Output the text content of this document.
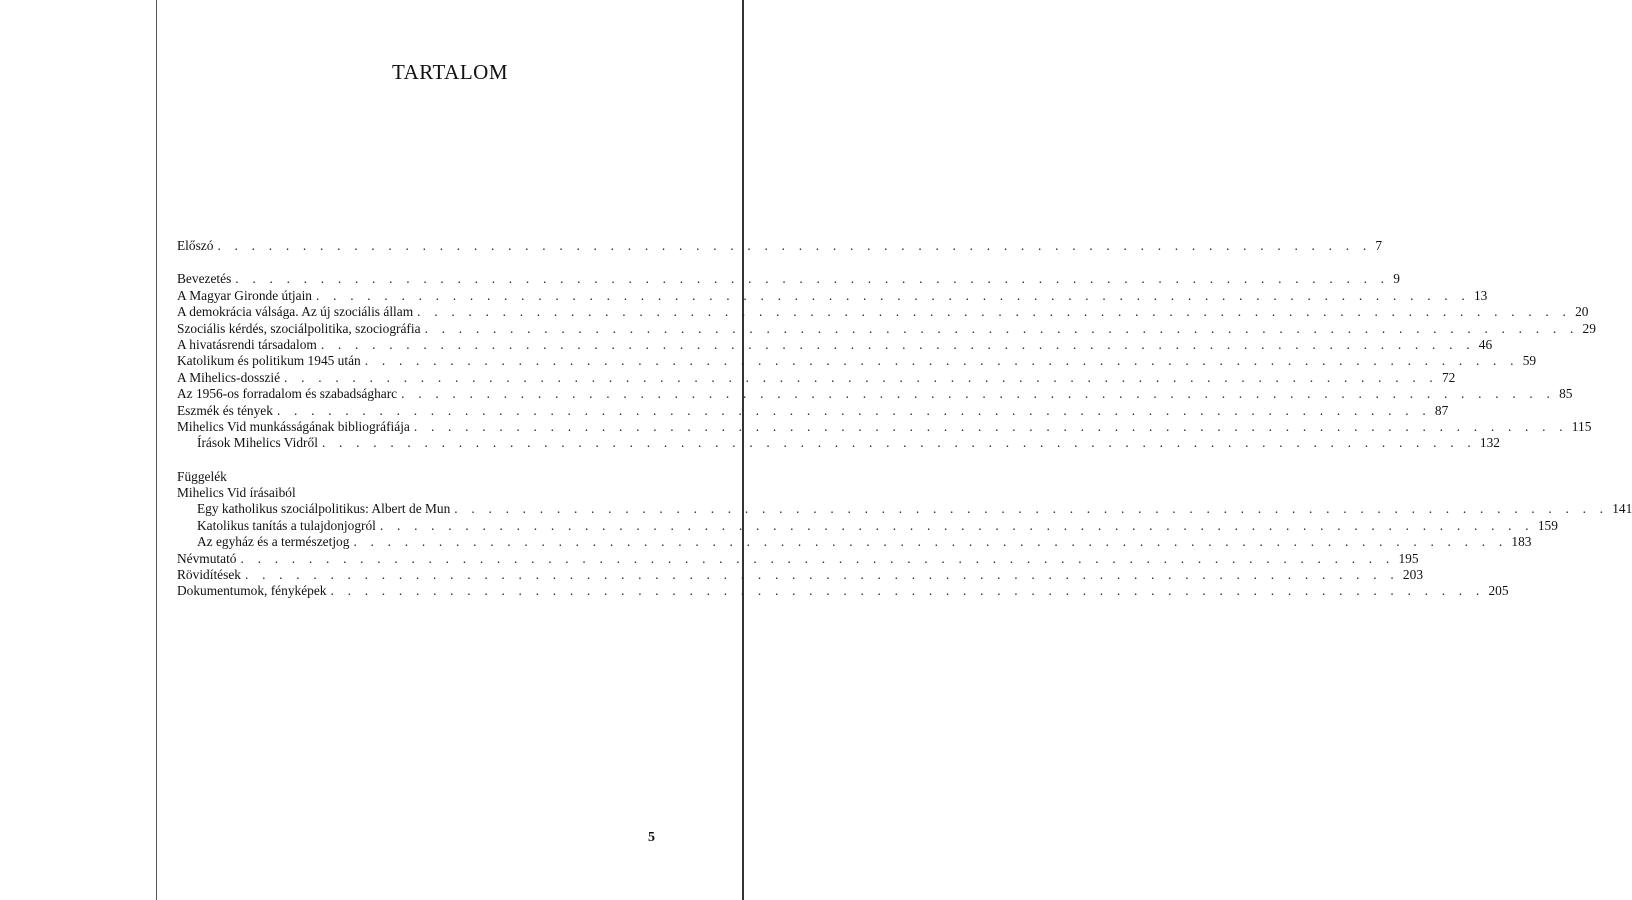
TARTALOM
Előszó . . . . . . . . . . . . . . . . . . . . . . . . . . . . . . . . . . . . . . . . . . . . . . . . . . . . . . . . . . . . . . . . . . . . 7
Bevezetés . . . . . . . . . . . . . . . . . . . . . . . . . . . . . . . . . . . . . . . . . . . . . . . . . . . . . . . . . . . . . . . . . . . . 9
A Magyar Gironde útjain . . . . . . . . . . . . . . . . . . . . . . . . . . . . . . . . . . . . . . . . . . . . . . . . . . . . . . . . . . . . . . . . . . . . 13
A demokrácia válsága. Az új szociális állam . . . . . . . . . . . . . . . . . . . . . . . . . . . . . . . . . . . . . . . . . . . . . . . . . . . . . . . . . . . . . . . . . . . . 20
Szociális kérdés, szociálpolitika, szociográfia . . . . . . . . . . . . . . . . . . . . . . . . . . . . . . . . . . . . . . . . . . . . . . . . . . . . . . . . . . . . . . . . . . . . 29
A hivatásrendi társadalom . . . . . . . . . . . . . . . . . . . . . . . . . . . . . . . . . . . . . . . . . . . . . . . . . . . . . . . . . . . . . . . . . . . . 46
Katolikum és politikum 1945 után . . . . . . . . . . . . . . . . . . . . . . . . . . . . . . . . . . . . . . . . . . . . . . . . . . . . . . . . . . . . . . . . . . . . 59
A Mihelics-dosszié . . . . . . . . . . . . . . . . . . . . . . . . . . . . . . . . . . . . . . . . . . . . . . . . . . . . . . . . . . . . . . . . . . . . 72
Az 1956-os forradalom és szabadságharc . . . . . . . . . . . . . . . . . . . . . . . . . . . . . . . . . . . . . . . . . . . . . . . . . . . . . . . . . . . . . . . . . . . . 85
Eszmék és tények . . . . . . . . . . . . . . . . . . . . . . . . . . . . . . . . . . . . . . . . . . . . . . . . . . . . . . . . . . . . . . . . . . . . 87
Mihelics Vid munkásságának bibliográfiája . . . . . . . . . . . . . . . . . . . . . . . . . . . . . . . . . . . . . . . . . . . . . . . . . . . . . . . . . . . . . . . . . . . . 115
Írások Mihelics Vidről . . . . . . . . . . . . . . . . . . . . . . . . . . . . . . . . . . . . . . . . . . . . . . . . . . . . . . . . . . . . . . . . . . . . 132
Függelék
Mihelics Vid írásaiból
Egy katholikus szociálpolitikus: Albert de Mun . . . . . . . . . . . . . . . . . . . . . . . . . . . . . . . . . . . . . . . . . . . . . . . . . . . . . . . . . . . . . . . . . . . . 141
Katolikus tanítás a tulajdonjogról . . . . . . . . . . . . . . . . . . . . . . . . . . . . . . . . . . . . . . . . . . . . . . . . . . . . . . . . . . . . . . . . . . . . 159
Az egyház és a természetjog . . . . . . . . . . . . . . . . . . . . . . . . . . . . . . . . . . . . . . . . . . . . . . . . . . . . . . . . . . . . . . . . . . . . 183
Névmutató . . . . . . . . . . . . . . . . . . . . . . . . . . . . . . . . . . . . . . . . . . . . . . . . . . . . . . . . . . . . . . . . . . . . 195
Rövidítések . . . . . . . . . . . . . . . . . . . . . . . . . . . . . . . . . . . . . . . . . . . . . . . . . . . . . . . . . . . . . . . . . . . . 203
Dokumentumok, fényképek . . . . . . . . . . . . . . . . . . . . . . . . . . . . . . . . . . . . . . . . . . . . . . . . . . . . . . . . . . . . . . . . . . . . 205
5
